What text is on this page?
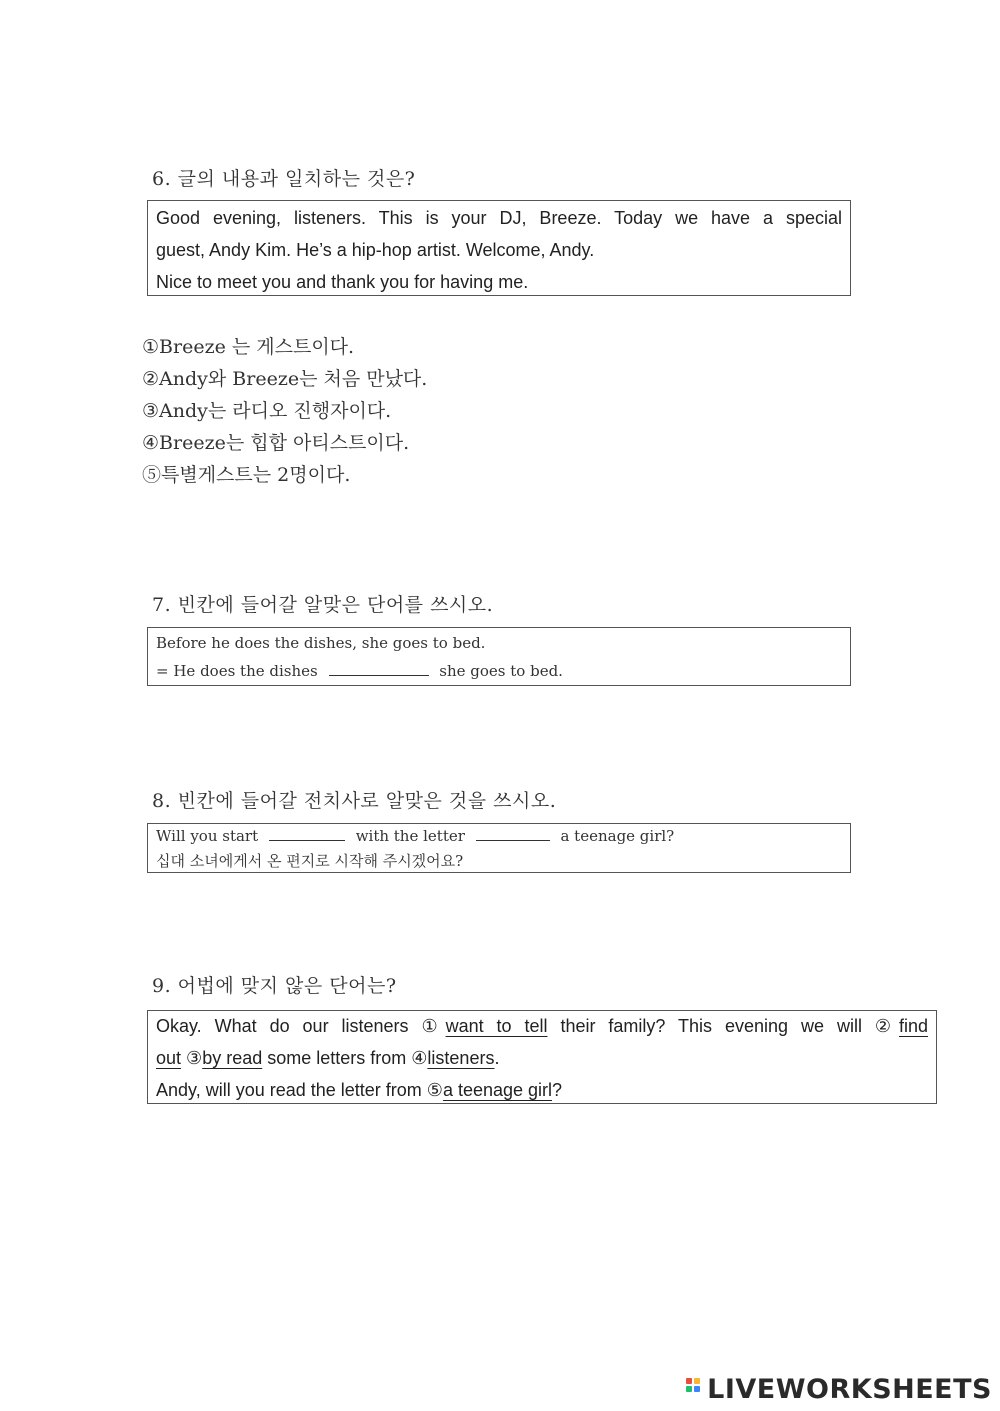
6. 글의 내용과 일치하는 것은?
Good evening, listeners. This is your DJ, Breeze. Today we have a special
guest, Andy Kim. He’s a hip-hop artist. Welcome, Andy.
Nice to meet you and thank you for having me.
①Breeze 는 게스트이다.
②Andy와 Breeze는 처음 만났다.
③Andy는 라디오 진행자이다.
④Breeze는 힙합 아티스트이다.
⑤특별게스트는 2명이다.
7. 빈칸에 들어갈 알맞은 단어를 쓰시오.
Before he does the dishes, she goes to bed.
= He does the dishes	she goes to bed.
8. 빈칸에 들어갈 전치사로 알맞은 것을 쓰시오.
Will you start	with the letter	a teenage girl?
십대 소녀에게서 온 편지로 시작해 주시겠어요?
9. 어법에 맞지 않은 단어는?
Okay. What do our listeners ①want to tell their family? This evening we will ②find
out ③by read some letters from ④listeners.
Andy, will you read the letter from ⑤a teenage girl?
LIVEWORKSHEETS
